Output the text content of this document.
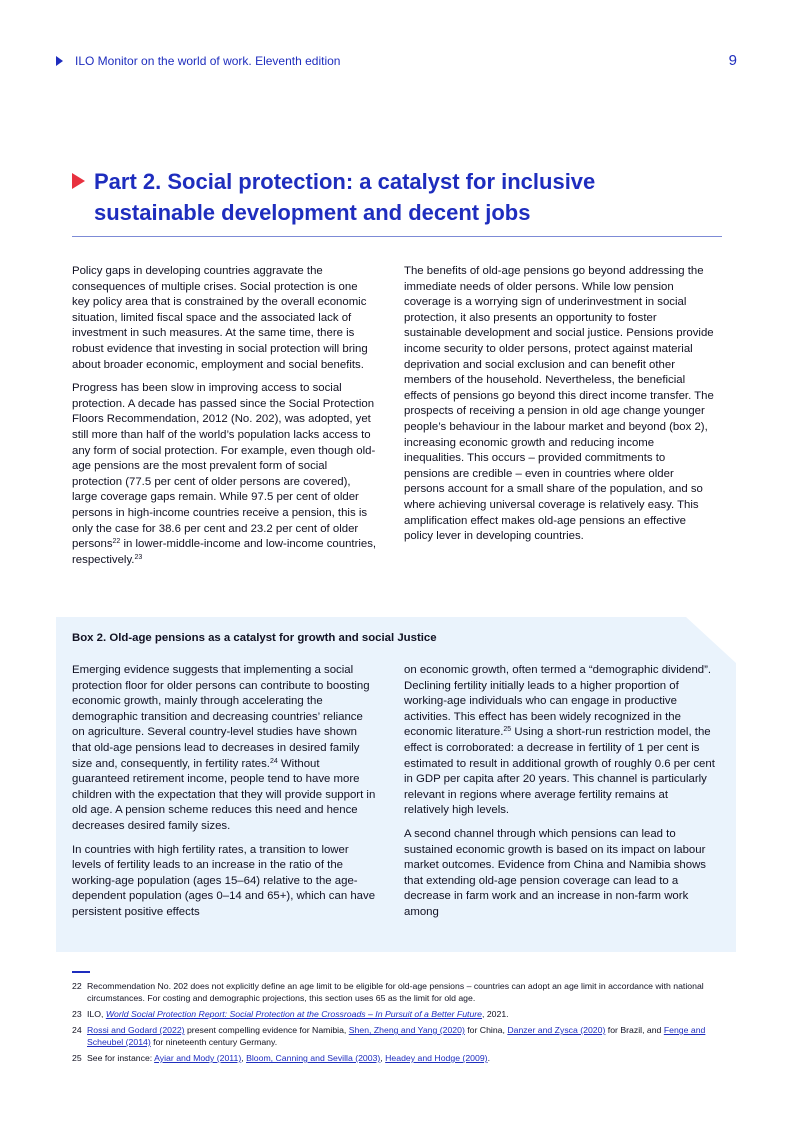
ILO Monitor on the world of work. Eleventh edition	9
Part 2. Social protection: a catalyst for inclusive
sustainable development and decent jobs

Policy gaps in developing countries aggravate the consequences of multiple crises. Social protection is one key policy area that is constrained by the overall economic situation, limited fiscal space and the associated lack of investment in such measures. At the same time, there is robust evidence that investing in social protection will bring about broader economic, employment and social benefits.

Progress has been slow in improving access to social protection. A decade has passed since the Social Protection Floors Recommendation, 2012 (No. 202), was adopted, yet still more than half of the world’s population lacks access to any form of social protection. For example, even though old-age pensions are the most prevalent form of social protection (77.5 per cent of older persons are covered), large coverage gaps remain. While 97.5 per cent of older persons in high-income countries receive a pension, this is only the case for 38.6 per cent and 23.2 per cent of older persons$^{22}$ in lower-middle-income and low-income countries, respectively.$^{23}$

The benefits of old-age pensions go beyond addressing the immediate needs of older persons. While low pension coverage is a worrying sign of underinvestment in social protection, it also presents an opportunity to foster sustainable development and social justice. Pensions provide income security to older persons, protect against material deprivation and social exclusion and can benefit other members of the household. Nevertheless, the beneficial effects of pensions go beyond this direct income transfer. The prospects of receiving a pension in old age change younger people’s behaviour in the labour market and beyond (box 2), increasing economic growth and reducing income inequalities. This occurs – provided commitments to pensions are credible – even in countries where older persons account for a small share of the population, and so where achieving universal coverage is relatively easy. This amplification effect makes old-age pensions an effective policy lever in developing countries.

Box 2. Old-age pensions as a catalyst for growth and social Justice

Emerging evidence suggests that implementing a social protection floor for older persons can contribute to boosting economic growth, mainly through accelerating the demographic transition and decreasing countries’ reliance on agriculture. Several country-level studies have shown that old-age pensions lead to decreases in desired family size and, consequently, in fertility rates.$^{24}$ Without guaranteed retirement income, people tend to have more children with the expectation that they will provide support in old age. A pension scheme reduces this need and hence decreases desired family sizes.

In countries with high fertility rates, a transition to lower levels of fertility leads to an increase in the ratio of the working-age population (ages 15–64) relative to the age-dependent population (ages 0–14 and 65+), which can have persistent positive effects

on economic growth, often termed a “demographic dividend”. Declining fertility initially leads to a higher proportion of working-age individuals who can engage in productive activities. This effect has been widely recognized in the economic literature.$^{25}$ Using a short-run restriction model, the effect is corroborated: a decrease in fertility of 1 per cent is estimated to result in additional growth of roughly 0.6 per cent in GDP per capita after 20 years. This channel is particularly relevant in regions where average fertility remains at relatively high levels.

A second channel through which pensions can lead to sustained economic growth is based on its impact on labour market outcomes. Evidence from China and Namibia shows that extending old-age pension coverage can lead to a decrease in farm work and an increase in non-farm work among

22 Recommendation No. 202 does not explicitly define an age limit to be eligible for old-age pensions – countries can adopt an age limit in accordance with national circumstances. For costing and demographic projections, this section uses 65 as the limit for old age.
23 ILO, World Social Protection Report: Social Protection at the Crossroads – In Pursuit of a Better Future, 2021.
24 Rossi and Godard (2022) present compelling evidence for Namibia, Shen, Zheng and Yang (2020) for China, Danzer and Zysca (2020) for Brazil, and Fenge and Scheubel (2014) for nineteenth century Germany.
25 See for instance: Ayiar and Mody (2011), Bloom, Canning and Sevilla (2003), Headey and Hodge (2009).
